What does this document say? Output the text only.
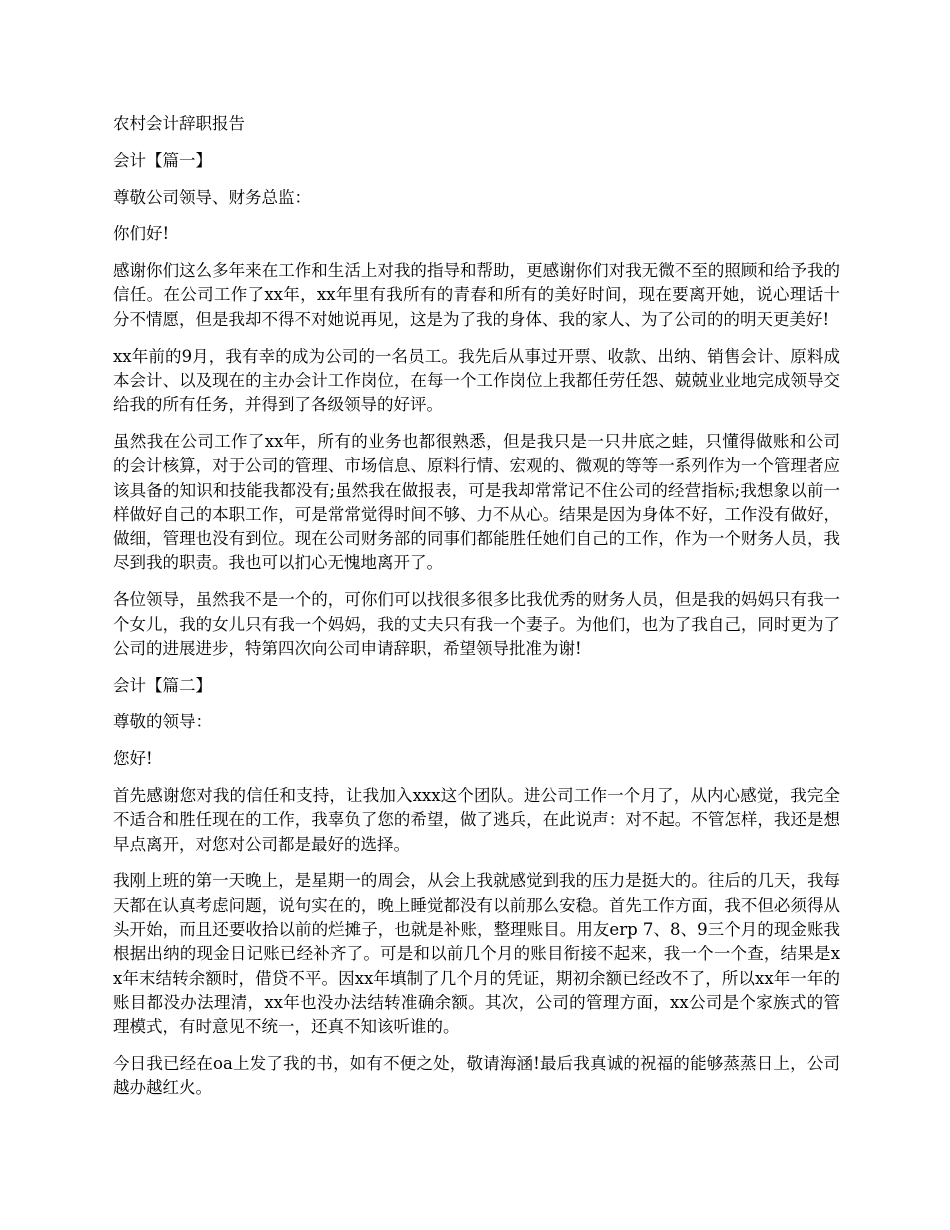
农村会计辞职报告

会计【篇一】

尊敬公司领导、财务总监：

你们好!

感谢你们这么多年来在工作和生活上对我的指导和帮助，更感谢你们对我无微不至的照顾和给予我的信任。在公司工作了xx年，xx年里有我所有的青春和所有的美好时间，现在要离开她，说心理话十分不情愿，但是我却不得不对她说再见，这是为了我的身体、我的家人、为了公司的的明天更美好!

xx年前的9月，我有幸的成为公司的一名员工。我先后从事过开票、收款、出纳、销售会计、原料成本会计、以及现在的主办会计工作岗位，在每一个工作岗位上我都任劳任怨、兢兢业业地完成领导交给我的所有任务，并得到了各级领导的好评。

虽然我在公司工作了xx年，所有的业务也都很熟悉，但是我只是一只井底之蛙，只懂得做账和公司的会计核算，对于公司的管理、市场信息、原料行情、宏观的、微观的等等一系列作为一个管理者应该具备的知识和技能我都没有;虽然我在做报表，可是我却常常记不住公司的经营指标;我想象以前一样做好自己的本职工作，可是常常觉得时间不够、力不从心。结果是因为身体不好，工作没有做好，做细，管理也没有到位。现在公司财务部的同事们都能胜任她们自己的工作，作为一个财务人员，我尽到我的职责。我也可以扪心无愧地离开了。

各位领导，虽然我不是一个的，可你们可以找很多很多比我优秀的财务人员，但是我的妈妈只有我一个女儿，我的女儿只有我一个妈妈，我的丈夫只有我一个妻子。为他们，也为了我自己，同时更为了公司的进展进步，特第四次向公司申请辞职，希望领导批准为谢!

会计【篇二】

尊敬的领导：

您好!

首先感谢您对我的信任和支持，让我加入xxx这个团队。进公司工作一个月了，从内心感觉，我完全不适合和胜任现在的工作，我辜负了您的希望，做了逃兵，在此说声：对不起。不管怎样，我还是想早点离开，对您对公司都是最好的选择。

我刚上班的第一天晚上，是星期一的周会，从会上我就感觉到我的压力是挺大的。往后的几天，我每天都在认真考虑问题，说句实在的，晚上睡觉都没有以前那么安稳。首先工作方面，我不但必须得从头开始，而且还要收拾以前的烂摊子，也就是补账，整理账目。用友erp 7、8、9三个月的现金账我根据出纳的现金日记账已经补齐了。可是和以前几个月的账目衔接不起来，我一个一个查，结果是xx年末结转余额时，借贷不平。因xx年填制了几个月的凭证，期初余额已经改不了，所以xx年一年的账目都没办法理清，xx年也没办法结转准确余额。其次，公司的管理方面，xx公司是个家族式的管理模式，有时意见不统一，还真不知该听谁的。

今日我已经在oa上发了我的书，如有不便之处，敬请海涵!最后我真诚的祝福的能够蒸蒸日上，公司越办越红火。
